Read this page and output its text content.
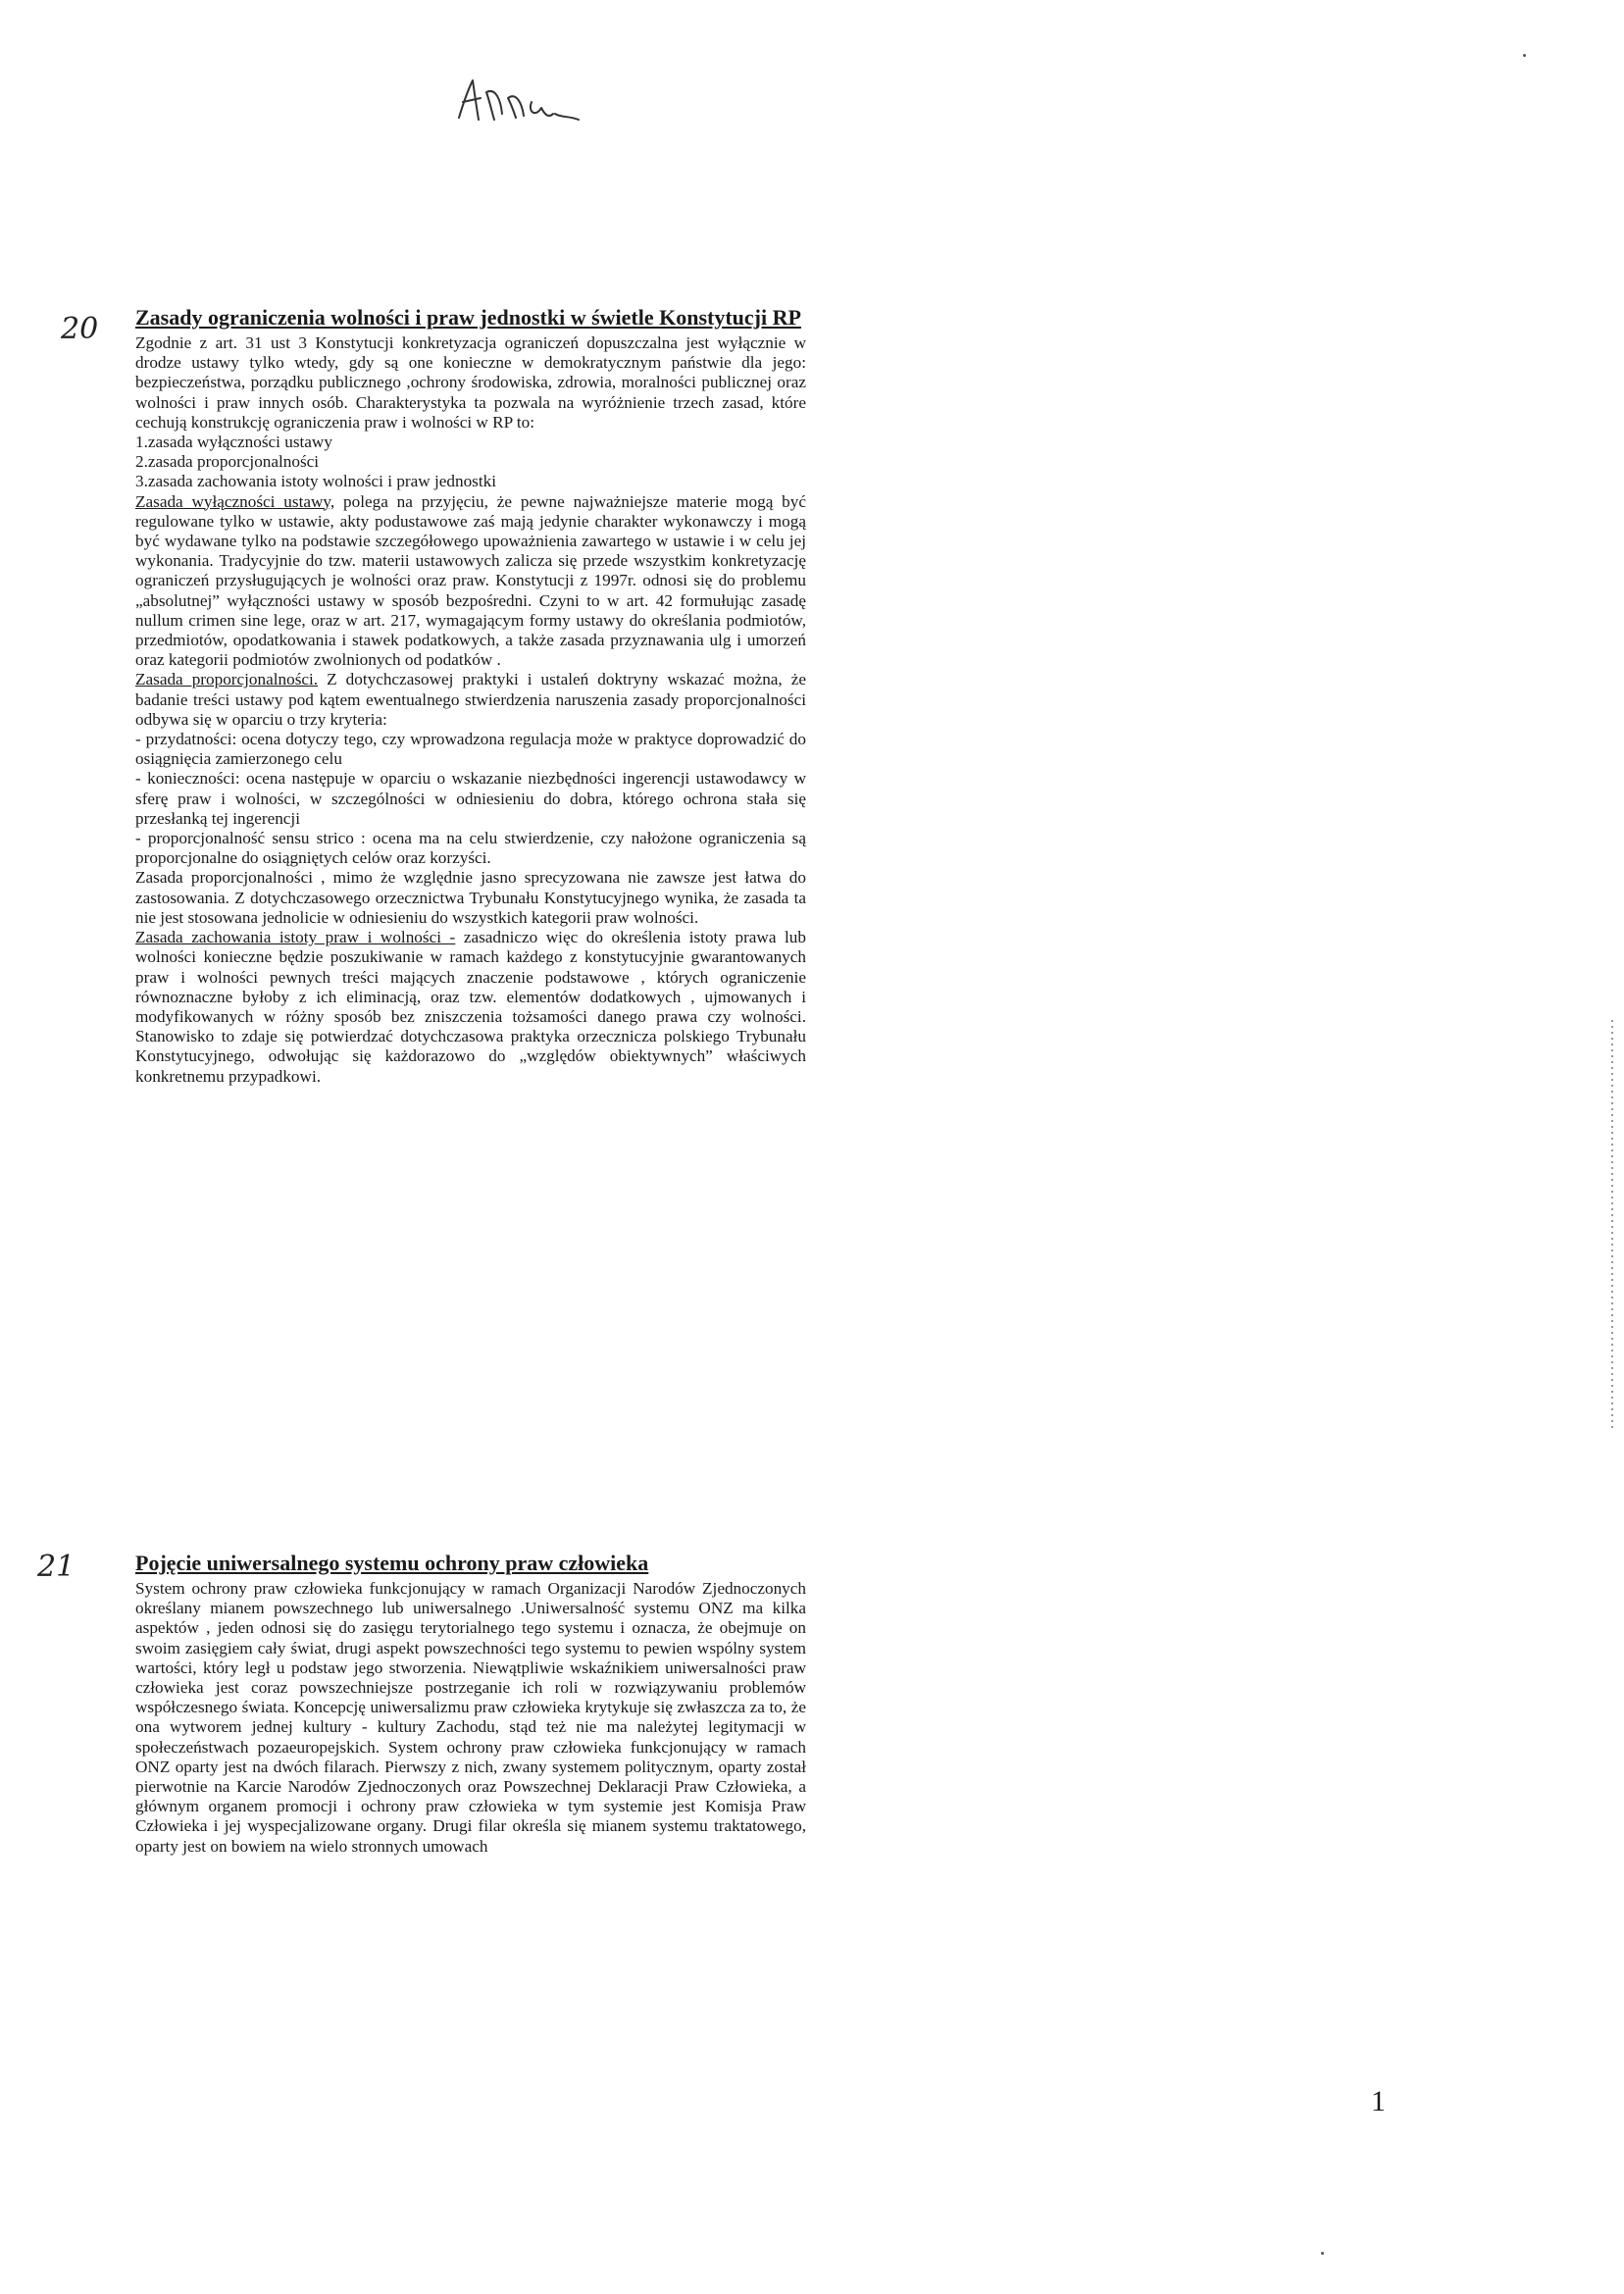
20
21
Zasady ograniczenia wolności i praw jednostki w świetle Konstytucji RP

Zgodnie z art. 31 ust 3 Konstytucji konkretyzacja ograniczeń dopuszczalna jest wyłącznie w drodze ustawy tylko wtedy, gdy są one konieczne w demokratycznym państwie dla jego: bezpieczeństwa, porządku publicznego ,ochrony środowiska, zdrowia, moralności publicznej oraz wolności i praw innych osób. Charakterystyka ta pozwala na wyróżnienie trzech zasad, które cechują konstrukcję ograniczenia praw i wolności w RP to:

1.zasada wyłączności ustawy

2.zasada proporcjonalności

3.zasada zachowania istoty wolności i praw jednostki

Zasada wyłączności ustawy, polega na przyjęciu, że pewne najważniejsze materie mogą być regulowane tylko w ustawie, akty podustawowe zaś mają jedynie charakter wykonawczy i mogą być wydawane tylko na podstawie szczegółowego upoważnienia zawartego w ustawie i w celu jej wykonania. Tradycyjnie do tzw. materii ustawowych zalicza się przede wszystkim konkretyzację ograniczeń przysługujących je wolności oraz praw. Konstytucji z 1997r. odnosi się do problemu „absolutnej” wyłączności ustawy w sposób bezpośredni. Czyni to w art. 42 formułując zasadę nullum crimen sine lege, oraz w art. 217, wymagającym formy ustawy do określania podmiotów, przedmiotów, opodatkowania i stawek podatkowych, a także zasada przyznawania ulg i umorzeń oraz kategorii podmiotów zwolnionych od podatków .

Zasada proporcjonalności. Z dotychczasowej praktyki i ustaleń doktryny wskazać można, że badanie treści ustawy pod kątem ewentualnego stwierdzenia naruszenia zasady proporcjonalności odbywa się w oparciu o trzy kryteria:

- przydatności: ocena dotyczy tego, czy wprowadzona regulacja może w praktyce doprowadzić do osiągnięcia zamierzonego celu

- konieczności: ocena następuje w oparciu o wskazanie niezbędności ingerencji ustawodawcy w sferę praw i wolności, w szczególności w odniesieniu do dobra, którego ochrona stała się przesłanką tej ingerencji

- proporcjonalność sensu strico : ocena ma na celu stwierdzenie, czy nałożone ograniczenia są proporcjonalne do osiągniętych celów oraz korzyści.

Zasada proporcjonalności , mimo że względnie jasno sprecyzowana nie zawsze jest łatwa do zastosowania. Z dotychczasowego orzecznictwa Trybunału Konstytucyjnego wynika, że zasada ta nie jest stosowana jednolicie w odniesieniu do wszystkich kategorii praw wolności.

Zasada zachowania istoty praw i wolności - zasadniczo więc do określenia istoty prawa lub wolności konieczne będzie poszukiwanie w ramach każdego z konstytucyjnie gwarantowanych praw i wolności pewnych treści mających znaczenie podstawowe , których ograniczenie równoznaczne byłoby z ich eliminacją, oraz tzw. elementów dodatkowych , ujmowanych i modyfikowanych w różny sposób bez zniszczenia tożsamości danego prawa czy wolności. Stanowisko to zdaje się potwierdzać dotychczasowa praktyka orzecznicza polskiego Trybunału Konstytucyjnego, odwołując się każdorazowo do „względów obiektywnych” właściwych konkretnemu przypadkowi.

Pojęcie uniwersalnego systemu ochrony praw człowieka

System ochrony praw człowieka funkcjonujący w ramach Organizacji Narodów Zjednoczonych określany mianem powszechnego lub uniwersalnego .Uniwersalność systemu ONZ ma kilka aspektów , jeden odnosi się do zasięgu terytorialnego tego systemu i oznacza, że obejmuje on swoim zasięgiem cały świat, drugi aspekt powszechności tego systemu to pewien wspólny system wartości, który legł u podstaw jego stworzenia. Niewątpliwie wskaźnikiem uniwersalności praw człowieka jest coraz powszechniejsze postrzeganie ich roli w rozwiązywaniu problemów współczesnego świata. Koncepcję uniwersalizmu praw człowieka krytykuje się zwłaszcza za to, że ona wytworem jednej kultury - kultury Zachodu, stąd też nie ma należytej legitymacji w społeczeństwach pozaeuropejskich. System ochrony praw człowieka funkcjonujący w ramach ONZ oparty jest na dwóch filarach. Pierwszy z nich, zwany systemem politycznym, oparty został pierwotnie na Karcie Narodów Zjednoczonych oraz Powszechnej Deklaracji Praw Człowieka, a głównym organem promocji i ochrony praw człowieka w tym systemie jest Komisja Praw Człowieka i jej wyspecjalizowane organy. Drugi filar określa się mianem systemu traktatowego, oparty jest on bowiem na wielo stronnych umowach

1
